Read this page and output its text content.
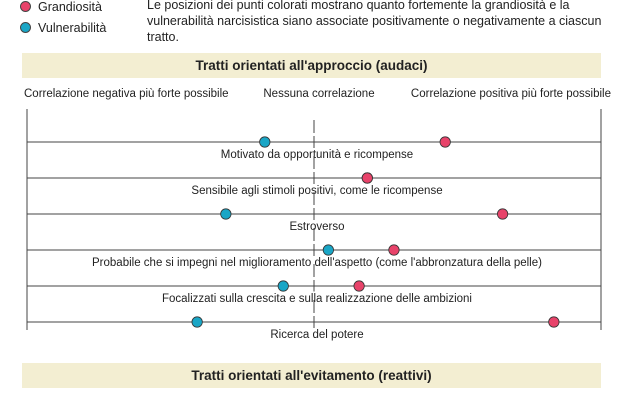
Grandiosità
Vulnerabilità
Le posizioni dei punti colorati mostrano quanto fortemente la grandiosità e la vulnerabilità narcisistica siano associate positivamente o negativamente a ciascun tratto.
Tratti orientati all'approccio (audaci)
Tratti orientati all'evitamento (reattivi)
Correlazione negativa più forte possibile	Nessuna correlazione	Correlazione positiva più forte possibile
Motivato da opportunità e ricompense
Sensibile agli stimoli positivi, come le ricompense
Estroverso
Probabile che si impegni nel miglioramento dell'aspetto (come l'abbronzatura della pelle)
Focalizzati sulla crescita e sulla realizzazione delle ambizioni
Ricerca del potere
